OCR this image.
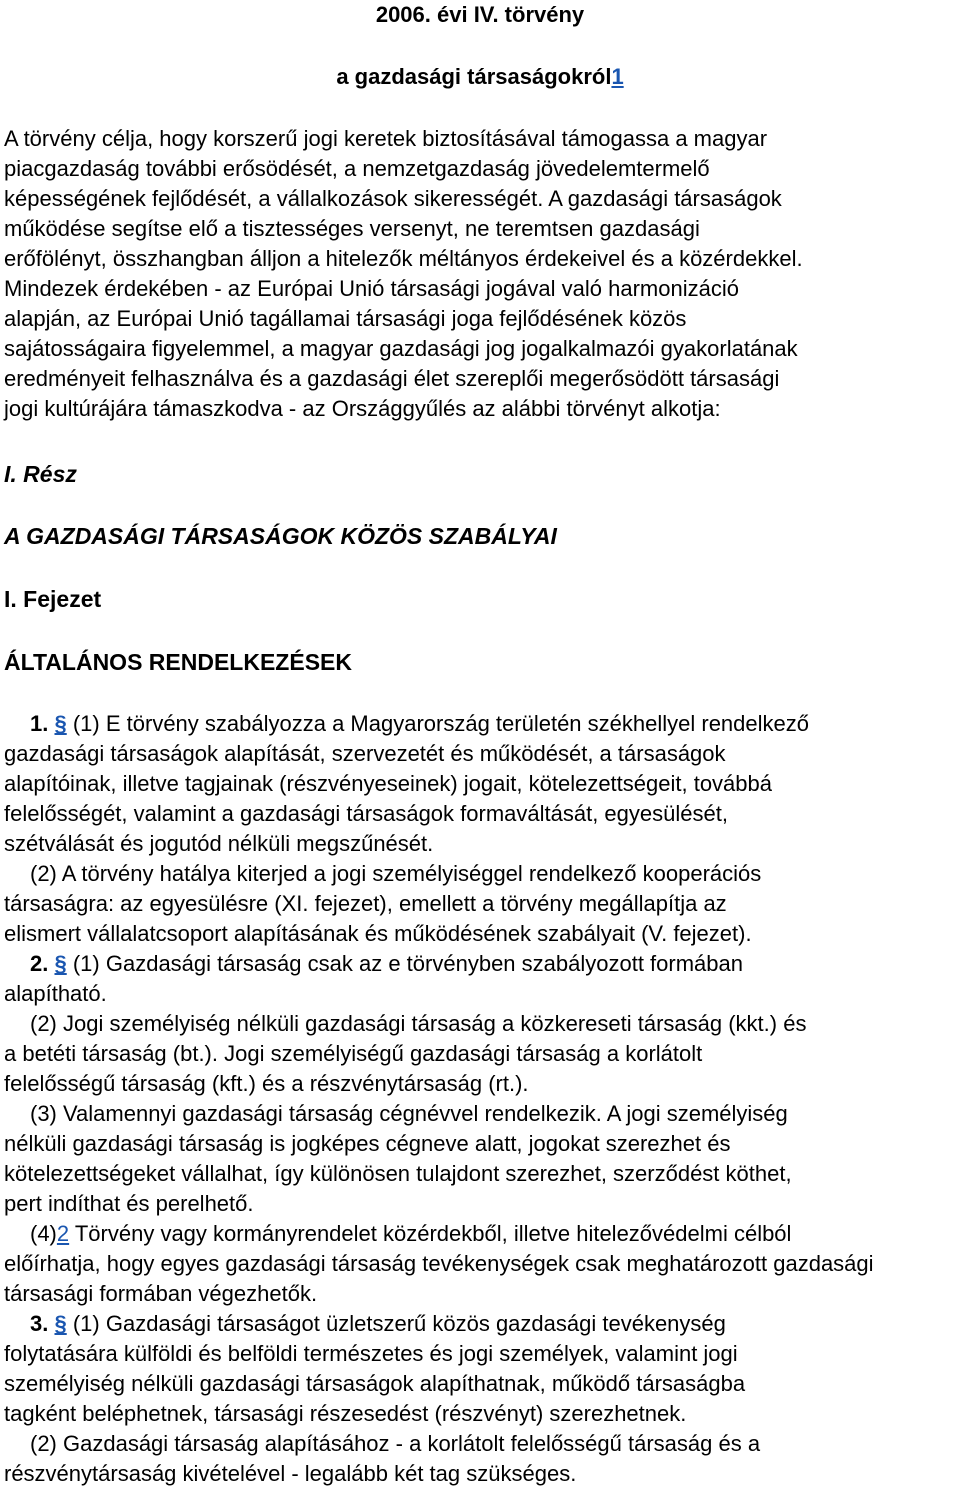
2006. évi IV. törvény
a gazdasági társaságokról1
A törvény célja, hogy korszerű jogi keretek biztosításával támogassa a magyar
piacgazdaság további erősödését, a nemzetgazdaság jövedelemtermelő
képességének fejlődését, a vállalkozások sikerességét. A gazdasági társaságok
működése segítse elő a tisztességes versenyt, ne teremtsen gazdasági
erőfölényt, összhangban álljon a hitelezők méltányos érdekeivel és a közérdekkel.
Mindezek érdekében - az Európai Unió társasági jogával való harmonizáció
alapján, az Európai Unió tagállamai társasági joga fejlődésének közös
sajátosságaira figyelemmel, a magyar gazdasági jog jogalkalmazói gyakorlatának
eredményeit felhasználva és a gazdasági élet szereplői megerősödött társasági
jogi kultúrájára támaszkodva - az Országgyűlés az alábbi törvényt alkotja:
I. Rész
A GAZDASÁGI TÁRSASÁGOK KÖZÖS SZABÁLYAI
I. Fejezet
ÁLTALÁNOS RENDELKEZÉSEK
1. § (1) E törvény szabályozza a Magyarország területén székhellyel rendelkező
gazdasági társaságok alapítását, szervezetét és működését, a társaságok
alapítóinak, illetve tagjainak (részvényeseinek) jogait, kötelezettségeit, továbbá
felelősségét, valamint a gazdasági társaságok formaváltását, egyesülését,
szétválását és jogutód nélküli megszűnését.
(2) A törvény hatálya kiterjed a jogi személyiséggel rendelkező kooperációs
társaságra: az egyesülésre (XI. fejezet), emellett a törvény megállapítja az
elismert vállalatcsoport alapításának és működésének szabályait (V. fejezet).
2. § (1) Gazdasági társaság csak az e törvényben szabályozott formában
alapítható.
(2) Jogi személyiség nélküli gazdasági társaság a közkereseti társaság (kkt.) és
a betéti társaság (bt.). Jogi személyiségű gazdasági társaság a korlátolt
felelősségű társaság (kft.) és a részvénytársaság (rt.).
(3) Valamennyi gazdasági társaság cégnévvel rendelkezik. A jogi személyiség
nélküli gazdasági társaság is jogképes cégneve alatt, jogokat szerezhet és
kötelezettségeket vállalhat, így különösen tulajdont szerezhet, szerződést köthet,
pert indíthat és perelhető.
(4)2 Törvény vagy kormányrendelet közérdekből, illetve hitelezővédelmi célból
előírhatja, hogy egyes gazdasági társaság tevékenységek csak meghatározott gazdasági
társasági formában végezhetők.
3. § (1) Gazdasági társaságot üzletszerű közös gazdasági tevékenység
folytatására külföldi és belföldi természetes és jogi személyek, valamint jogi
személyiség nélküli gazdasági társaságok alapíthatnak, működő társaságba
tagként beléphetnek, társasági részesedést (részvényt) szerezhetnek.
(2) Gazdasági társaság alapításához - a korlátolt felelősségű társaság és a
részvénytársaság kivételével - legalább két tag szükséges.
